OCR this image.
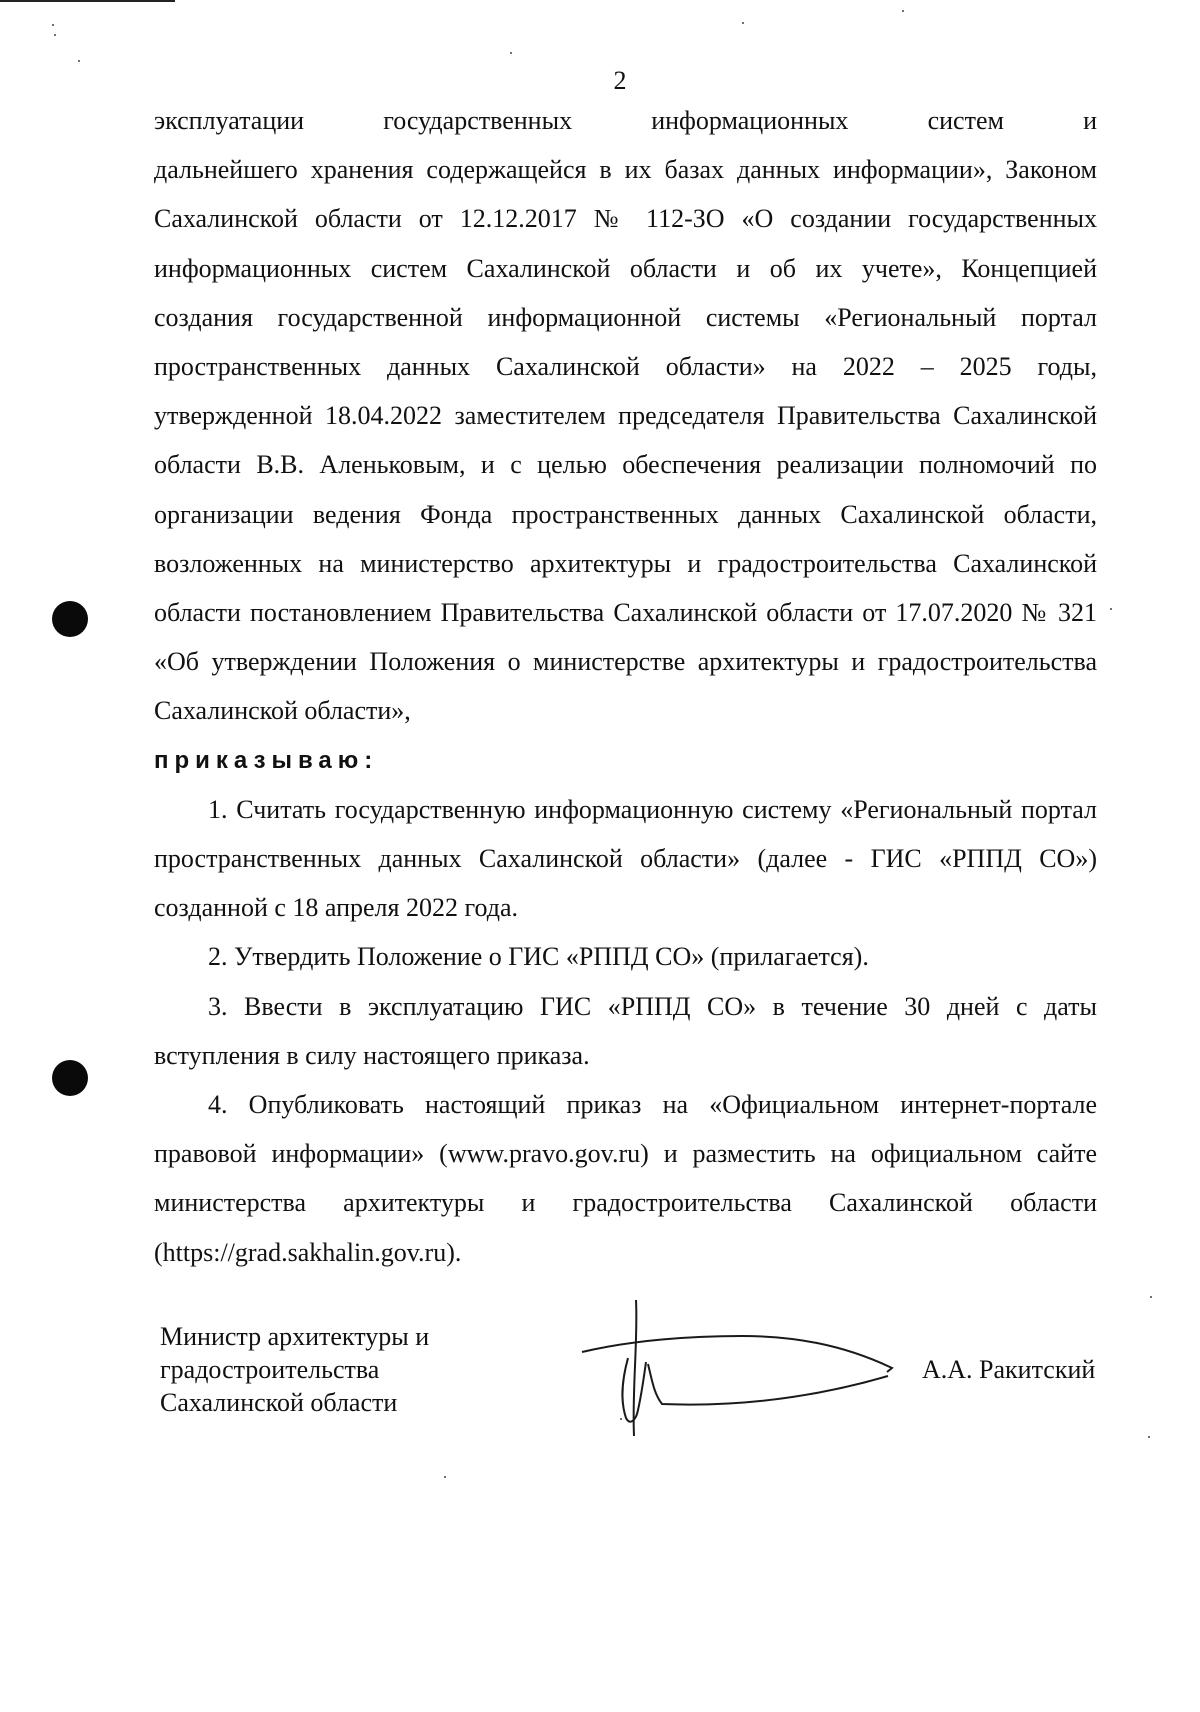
2

эксплуатации государственных информационных систем и

дальнейшего хранения содержащейся в их базах данных информации», Законом Сахалинской области от 12.12.2017 № 112-ЗО «О создании государственных информационных систем Сахалинской области и об их учете», Концепцией создания государственной информационной системы «Региональный портал пространственных данных Сахалинской области» на 2022 – 2025 годы, утвержденной 18.04.2022 заместителем председателя Правительства Сахалинской области В.В. Аленьковым, и с целью обеспечения реализации полномочий по организации ведения Фонда пространственных данных Сахалинской области, возложенных на министерство архитектуры и градостроительства Сахалинской области постановлением Правительства Сахалинской области от 17.07.2020 № 321 «Об утверждении Положения о министерстве архитектуры и градостроительства Сахалинской области»,

приказываю:

1. Считать государственную информационную систему «Региональный портал пространственных данных Сахалинской области» (далее - ГИС «РППД СО») созданной с 18 апреля 2022 года.

2. Утвердить Положение о ГИС «РППД СО» (прилагается).

3. Ввести в эксплуатацию ГИС «РППД СО» в течение 30 дней с даты вступления в силу настоящего приказа.

4. Опубликовать настоящий приказ на «Официальном интернет-портале правовой информации» (www.pravo.gov.ru) и разместить на официальном сайте министерства архитектуры и градостроительства Сахалинской области (https://grad.sakhalin.gov.ru).

Министр архитектуры и
градостроительства
Сахалинской области
А.А. Ракитский
